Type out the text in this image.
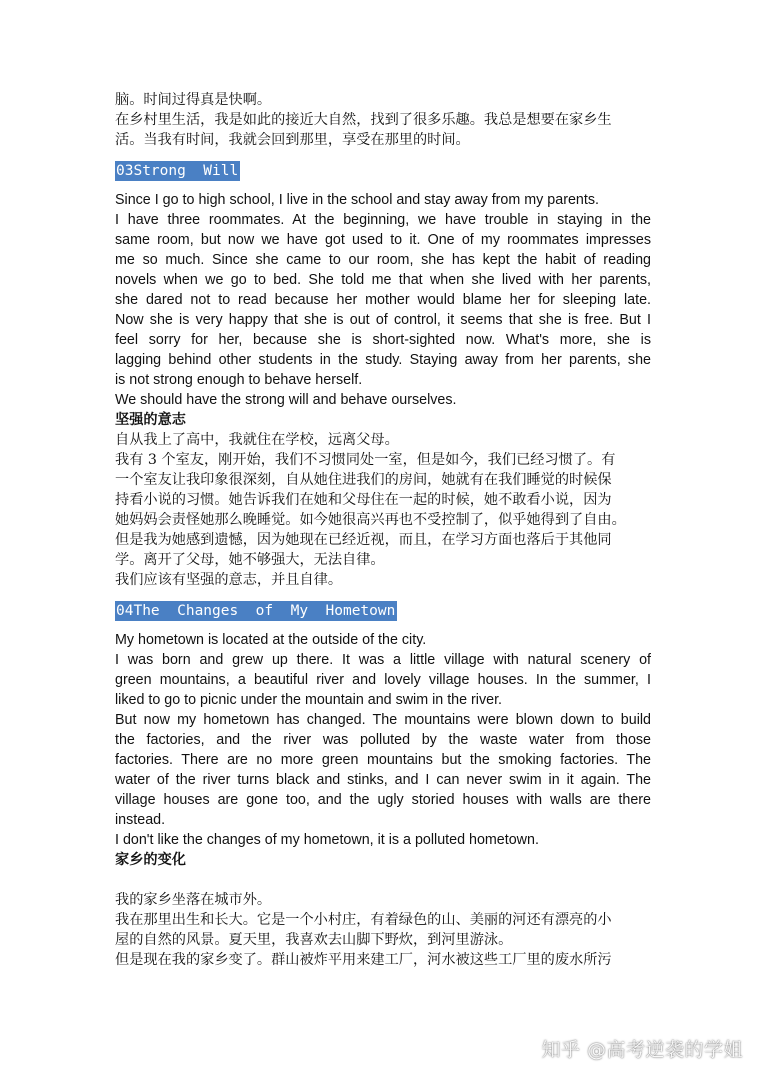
脑。时间过得真是快啊。

在乡村里生活，我是如此的接近大自然，找到了很多乐趣。我总是想要在家乡生

活。当我有时间，我就会回到那里，享受在那里的时间。

03Strong  Will

Since I go to high school, I live in the school and stay away from my parents.

I have three roommates. At the beginning, we have trouble in staying in the

same room, but now we have got used to it. One of my roommates impresses

me so much. Since she came to our room, she has kept the habit of reading

novels when we go to bed. She told me that when she lived with her parents,

she dared not to read because her mother would blame her for sleeping late.

Now she is very happy that she is out of control, it seems that she is free. But I

feel sorry for her, because she is short-sighted now. What's more, she is

lagging behind other students in the study. Staying away from her parents, she

is not strong enough to behave herself.

We should have the strong will and behave ourselves.

坚强的意志

自从我上了高中，我就住在学校，远离父母。

我有 3 个室友，刚开始，我们不习惯同处一室，但是如今，我们已经习惯了。有

一个室友让我印象很深刻，自从她住进我们的房间，她就有在我们睡觉的时候保

持看小说的习惯。她告诉我们在她和父母住在一起的时候，她不敢看小说，因为

她妈妈会责怪她那么晚睡觉。如今她很高兴再也不受控制了，似乎她得到了自由。

但是我为她感到遗憾，因为她现在已经近视，而且，在学习方面也落后于其他同

学。离开了父母，她不够强大，无法自律。

我们应该有坚强的意志，并且自律。

04The  Changes  of  My  Hometown

My hometown is located at the outside of the city.

I was born and grew up there. It was a little village with natural scenery of

green mountains, a beautiful river and lovely village houses. In the summer, I

liked to go to picnic under the mountain and swim in the river.

But now my hometown has changed. The mountains were blown down to build

the factories, and the river was polluted by the waste water from those

factories. There are no more green mountains but the smoking factories. The

water of the river turns black and stinks, and I can never swim in it again. The

village houses are gone too, and the ugly storied houses with walls are there

instead.

I don't like the changes of my hometown, it is a polluted hometown.

家乡的变化

我的家乡坐落在城市外。

我在那里出生和长大。它是一个小村庄，有着绿色的山、美丽的河还有漂亮的小

屋的自然的风景。夏天里，我喜欢去山脚下野炊，到河里游泳。

但是现在我的家乡变了。群山被炸平用来建工厂，河水被这些工厂里的废水所污

知乎 @高考逆袭的学姐
